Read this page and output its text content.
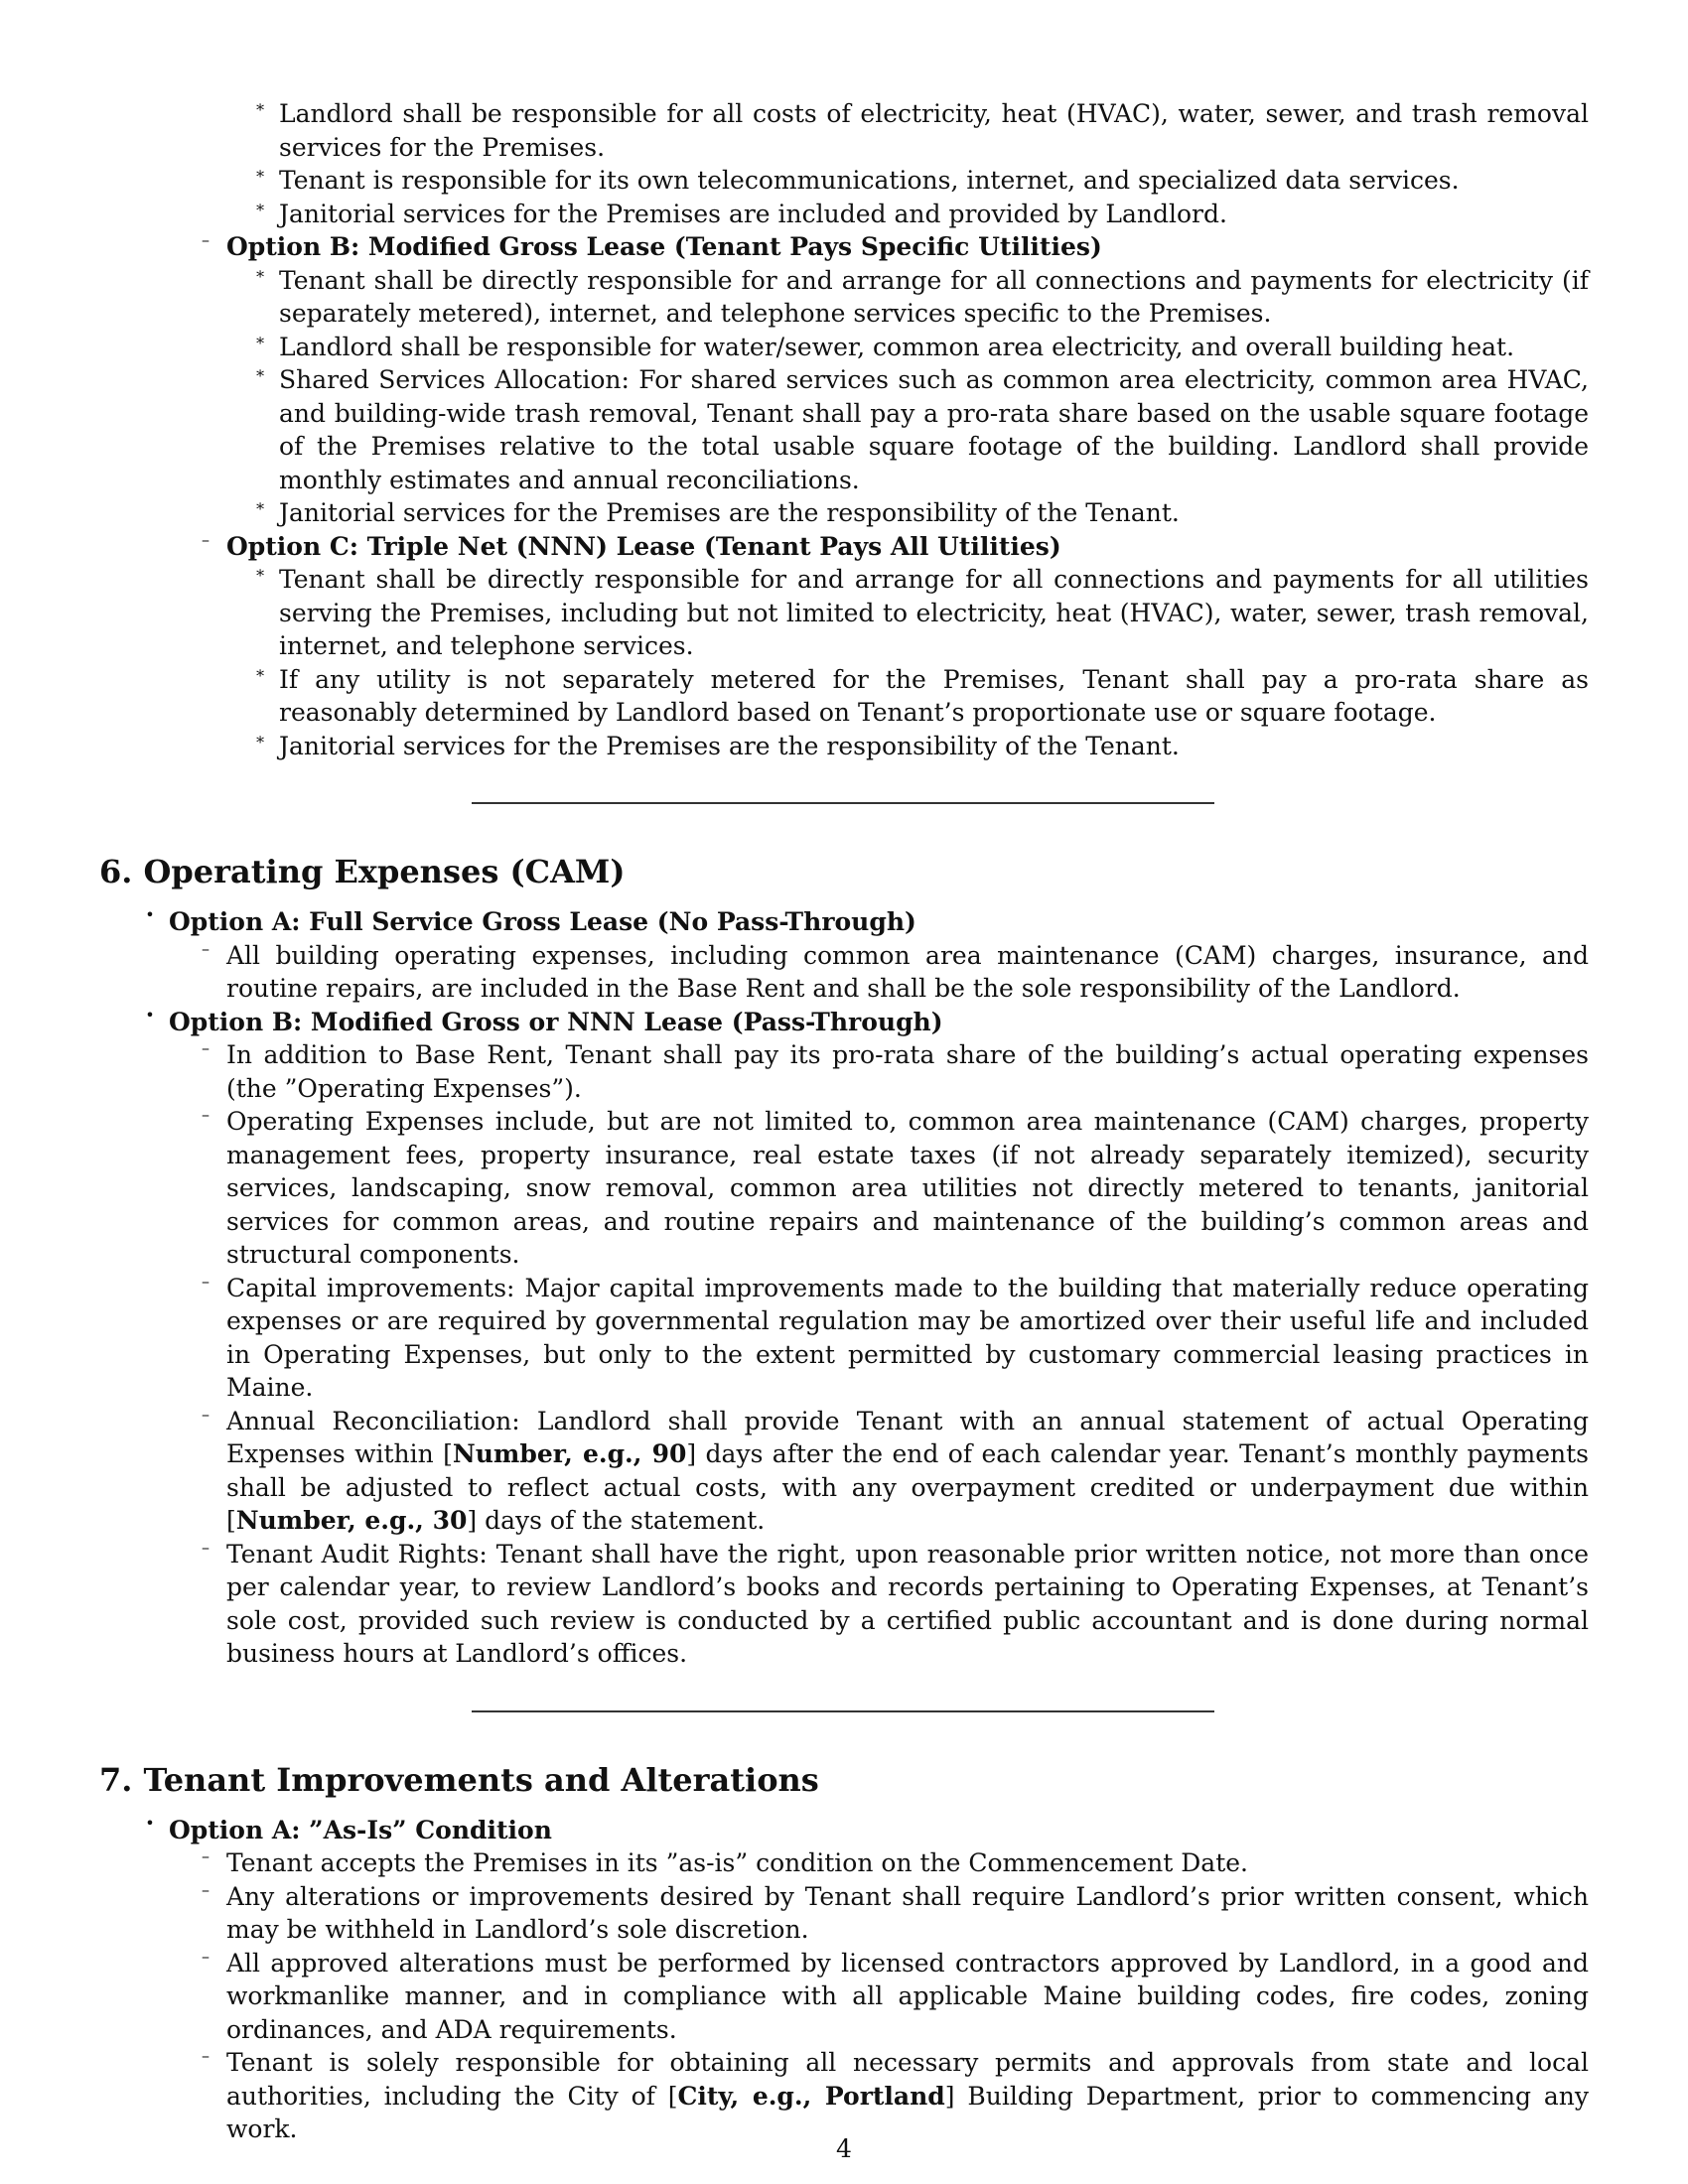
∗ Landlord shall be responsible for all costs of electricity, heat (HVAC), water, sewer, and trash removal services for the Premises.

∗ Tenant is responsible for its own telecommunications, internet, and specialized data services.

∗ Janitorial services for the Premises are included and provided by Landlord.

– Option B: Modified Gross Lease (Tenant Pays Specific Utilities)

∗ Tenant shall be directly responsible for and arrange for all connections and payments for electricity (if separately metered), internet, and telephone services specific to the Premises.

∗ Landlord shall be responsible for water/sewer, common area electricity, and overall building heat.

∗ Shared Services Allocation: For shared services such as common area electricity, common area HVAC, and building-wide trash removal, Tenant shall pay a pro-rata share based on the usable square footage of the Premises relative to the total usable square footage of the building. Landlord shall provide monthly estimates and annual reconciliations.

∗ Janitorial services for the Premises are the responsibility of the Tenant.

– Option C: Triple Net (NNN) Lease (Tenant Pays All Utilities)

∗ Tenant shall be directly responsible for and arrange for all connections and payments for all utilities serving the Premises, including but not limited to electricity, heat (HVAC), water, sewer, trash removal, internet, and telephone services.

∗ If any utility is not separately metered for the Premises, Tenant shall pay a pro-rata share as reasonably determined by Landlord based on Tenant’s proportionate use or square footage.

∗ Janitorial services for the Premises are the responsibility of the Tenant.

6. Operating Expenses (CAM)
• Option A: Full Service Gross Lease (No Pass-Through)

– All building operating expenses, including common area maintenance (CAM) charges, insurance, and routine repairs, are included in the Base Rent and shall be the sole responsibility of the Landlord.

• Option B: Modified Gross or NNN Lease (Pass-Through)

– In addition to Base Rent, Tenant shall pay its pro-rata share of the building’s actual operating expenses (the ”Operating Expenses”).

– Operating Expenses include, but are not limited to, common area maintenance (CAM) charges, property management fees, property insurance, real estate taxes (if not already separately itemized), security services, landscaping, snow removal, common area utilities not directly metered to tenants, janitorial services for common areas, and routine repairs and maintenance of the building’s common areas and structural components.

– Capital improvements: Major capital improvements made to the building that materially reduce operating expenses or are required by governmental regulation may be amortized over their useful life and included in Operating Expenses, but only to the extent permitted by customary commercial leasing practices in Maine.

– Annual Reconciliation: Landlord shall provide Tenant with an annual statement of actual Operating Expenses within [Number, e.g., 90] days after the end of each calendar year. Tenant’s monthly payments shall be adjusted to reflect actual costs, with any overpayment credited or underpayment due within [Number, e.g., 30] days of the statement.

– Tenant Audit Rights: Tenant shall have the right, upon reasonable prior written notice, not more than once per calendar year, to review Landlord’s books and records pertaining to Operating Expenses, at Tenant’s sole cost, provided such review is conducted by a certified public accountant and is done during normal business hours at Landlord’s offices.

7. Tenant Improvements and Alterations
• Option A: ”As-Is” Condition

– Tenant accepts the Premises in its ”as-is” condition on the Commencement Date.

– Any alterations or improvements desired by Tenant shall require Landlord’s prior written consent, which may be withheld in Landlord’s sole discretion.

– All approved alterations must be performed by licensed contractors approved by Landlord, in a good and workmanlike manner, and in compliance with all applicable Maine building codes, fire codes, zoning ordinances, and ADA requirements.

– Tenant is solely responsible for obtaining all necessary permits and approvals from state and local authorities, including the City of [City, e.g., Portland] Building Department, prior to commencing any work.

4
